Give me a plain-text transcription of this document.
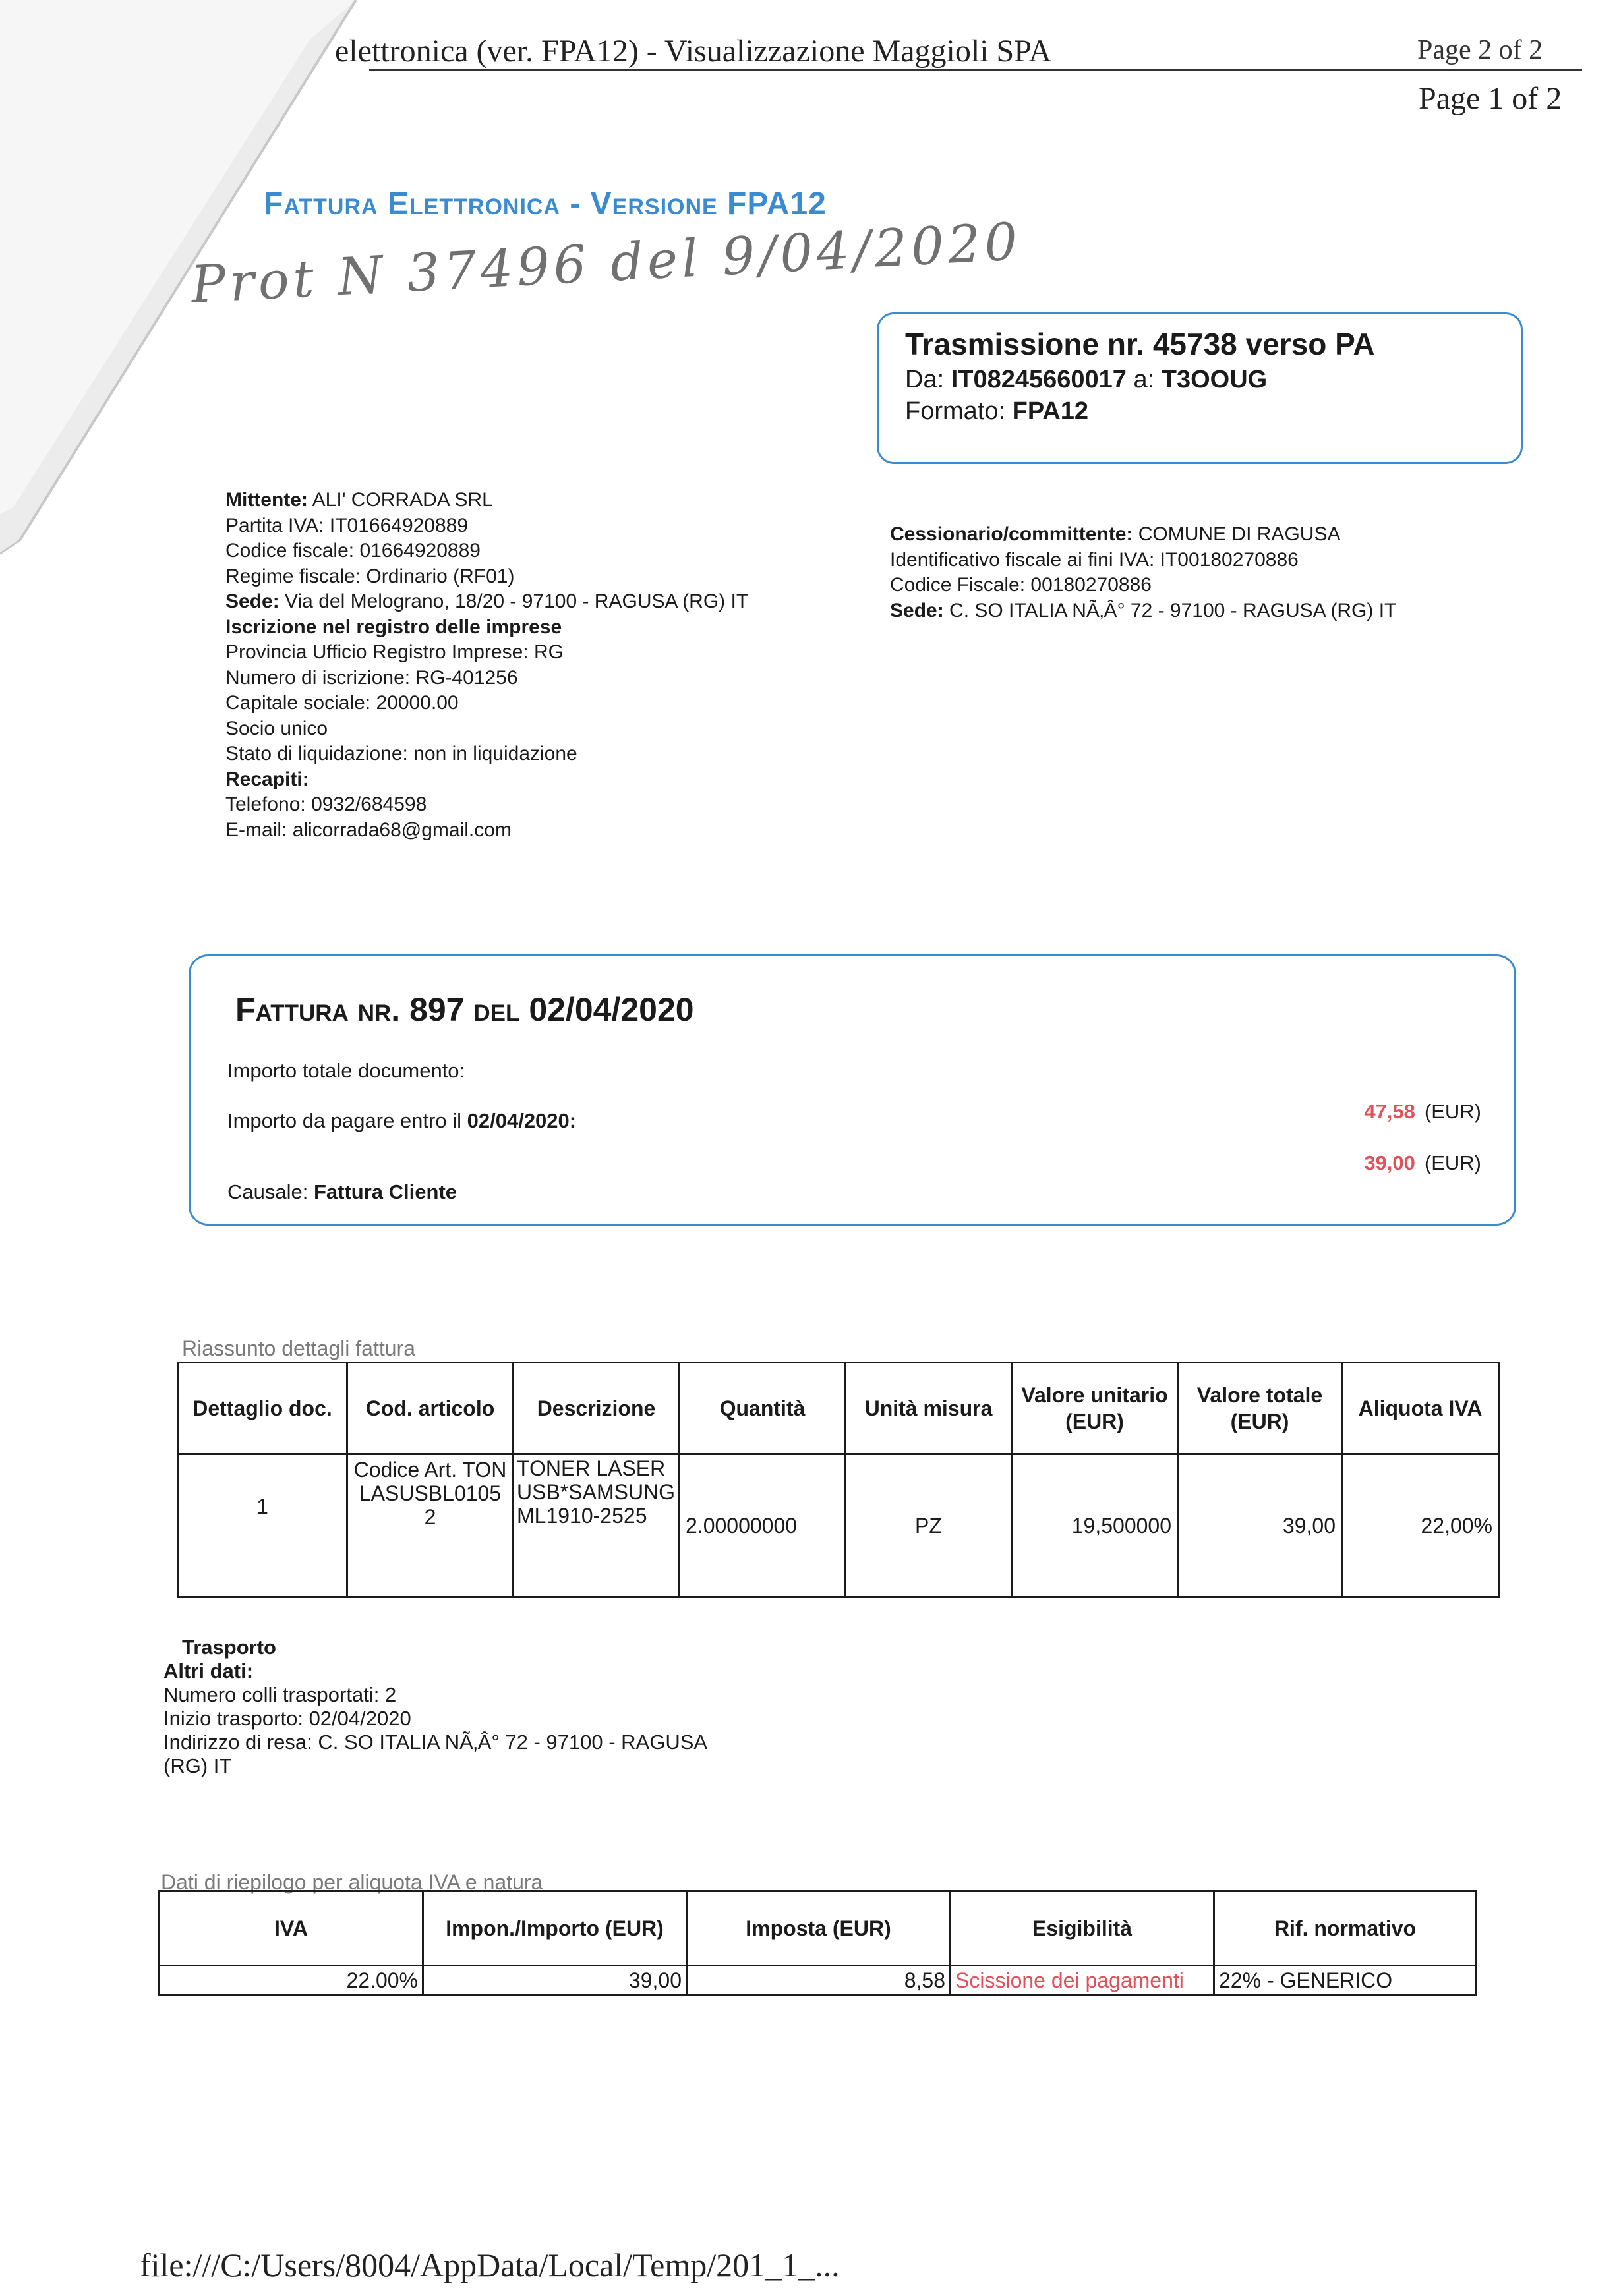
elettronica (ver. FPA12) - Visualizzazione Maggioli SPA	Page 2 of 2
Page 1 of 2
Fattura Elettronica - Versione FPA12
Prot N 37496 del 9/04/2020
Trasmissione nr. 45738 verso PA
Da: IT08245660017 a: T3OOUG
Formato: FPA12
Mittente: ALI' CORRADA SRL
Partita IVA: IT01664920889
Codice fiscale: 01664920889
Regime fiscale: Ordinario (RF01)
Sede: Via del Melograno, 18/20 - 97100 - RAGUSA (RG) IT
Iscrizione nel registro delle imprese
Provincia Ufficio Registro Imprese: RG
Numero di iscrizione: RG-401256
Capitale sociale: 20000.00
Socio unico
Stato di liquidazione: non in liquidazione
Recapiti:
Telefono: 0932/684598
E-mail: alicorrada68@gmail.com
Cessionario/committente: COMUNE DI RAGUSA
Identificativo fiscale ai fini IVA: IT00180270886
Codice Fiscale: 00180270886
Sede: C. SO ITALIA NÃ‚Â° 72 - 97100 - RAGUSA (RG) IT
Fattura nr. 897 del 02/04/2020
Importo totale documento:
Importo da pagare entro il 02/04/2020:
Causale: Fattura Cliente
47,58 (EUR)
39,00 (EUR)
Riassunto dettagli fattura
Dettaglio doc.	Cod. articolo	Descrizione	Quantità	Unità misura	Valore unitario (EUR)	Valore totale (EUR)	Aliquota IVA
1	Codice Art. TONLASUSBL01052	TONER LASER USB*SAMSUNG ML1910-2525	2.00000000	PZ	19,500000	39,00	22,00%
Trasporto
Altri dati:
Numero colli trasportati: 2
Inizio trasporto: 02/04/2020
Indirizzo di resa: C. SO ITALIA NÃ‚Â° 72 - 97100 - RAGUSA
(RG) IT
Dati di riepilogo per aliquota IVA e natura
IVA	Impon./Importo (EUR)	Imposta (EUR)	Esigibilità	Rif. normativo
22.00%	39,00	8,58	Scissione dei pagamenti	22% - GENERICO
file:///C:/Users/8004/AppData/Local/Temp/201_1_...
